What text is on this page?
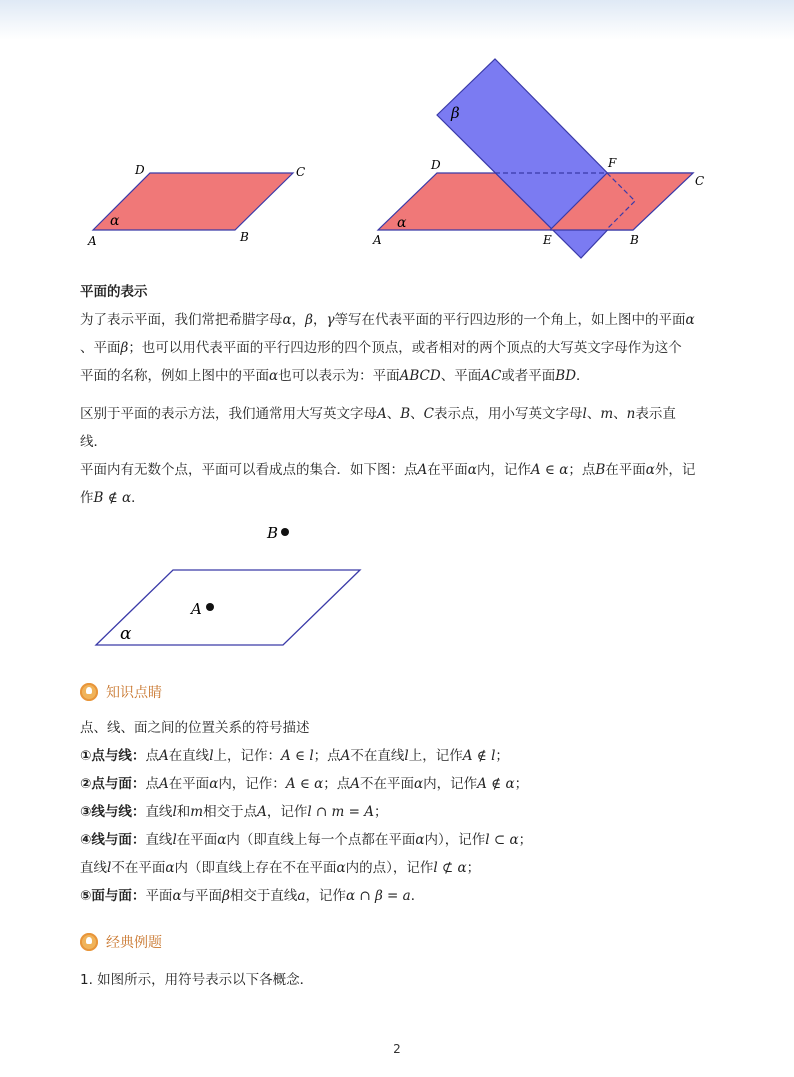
D	C
α
A	B
β
D	F
C
α
A	E	B
平面的表示
为了表示平面，我们常把希腊字母α，β，γ等写在代表平面的平行四边形的一个角上，如上图中的平面α
、平面β；也可以用代表平面的平行四边形的四个顶点，或者相对的两个顶点的大写英文字母作为这个
平面的名称，例如上图中的平面α也可以表示为：平面ABCD、平面AC或者平面BD．
区别于平面的表示方法，我们通常用大写英文字母A、B、C表示点，用小写英文字母l、m、n表示直
线．
平面内有无数个点，平面可以看成点的集合．如下图：点A在平面α内，记作A ∈ α；点B在平面α外，记
作B ∉ α．
B
A
α
知识点睛
点、线、面之间的位置关系的符号描述
①点与线：点A在直线l上，记作：A ∈ l；点A不在直线l上，记作A ∉ l；
②点与面：点A在平面α内，记作：A ∈ α；点A不在平面α内，记作A ∉ α；
③线与线：直线l和m相交于点A，记作l ∩ m = A；
④线与面：直线l在平面α内（即直线上每一个点都在平面α内），记作l ⊂ α；
直线l不在平面α内（即直线上存在不在平面α内的点），记作l ⊄ α；
⑤面与面：平面α与平面β相交于直线a，记作α ∩ β = a．
经典例题
1. 如图所示，用符号表示以下各概念．
2
